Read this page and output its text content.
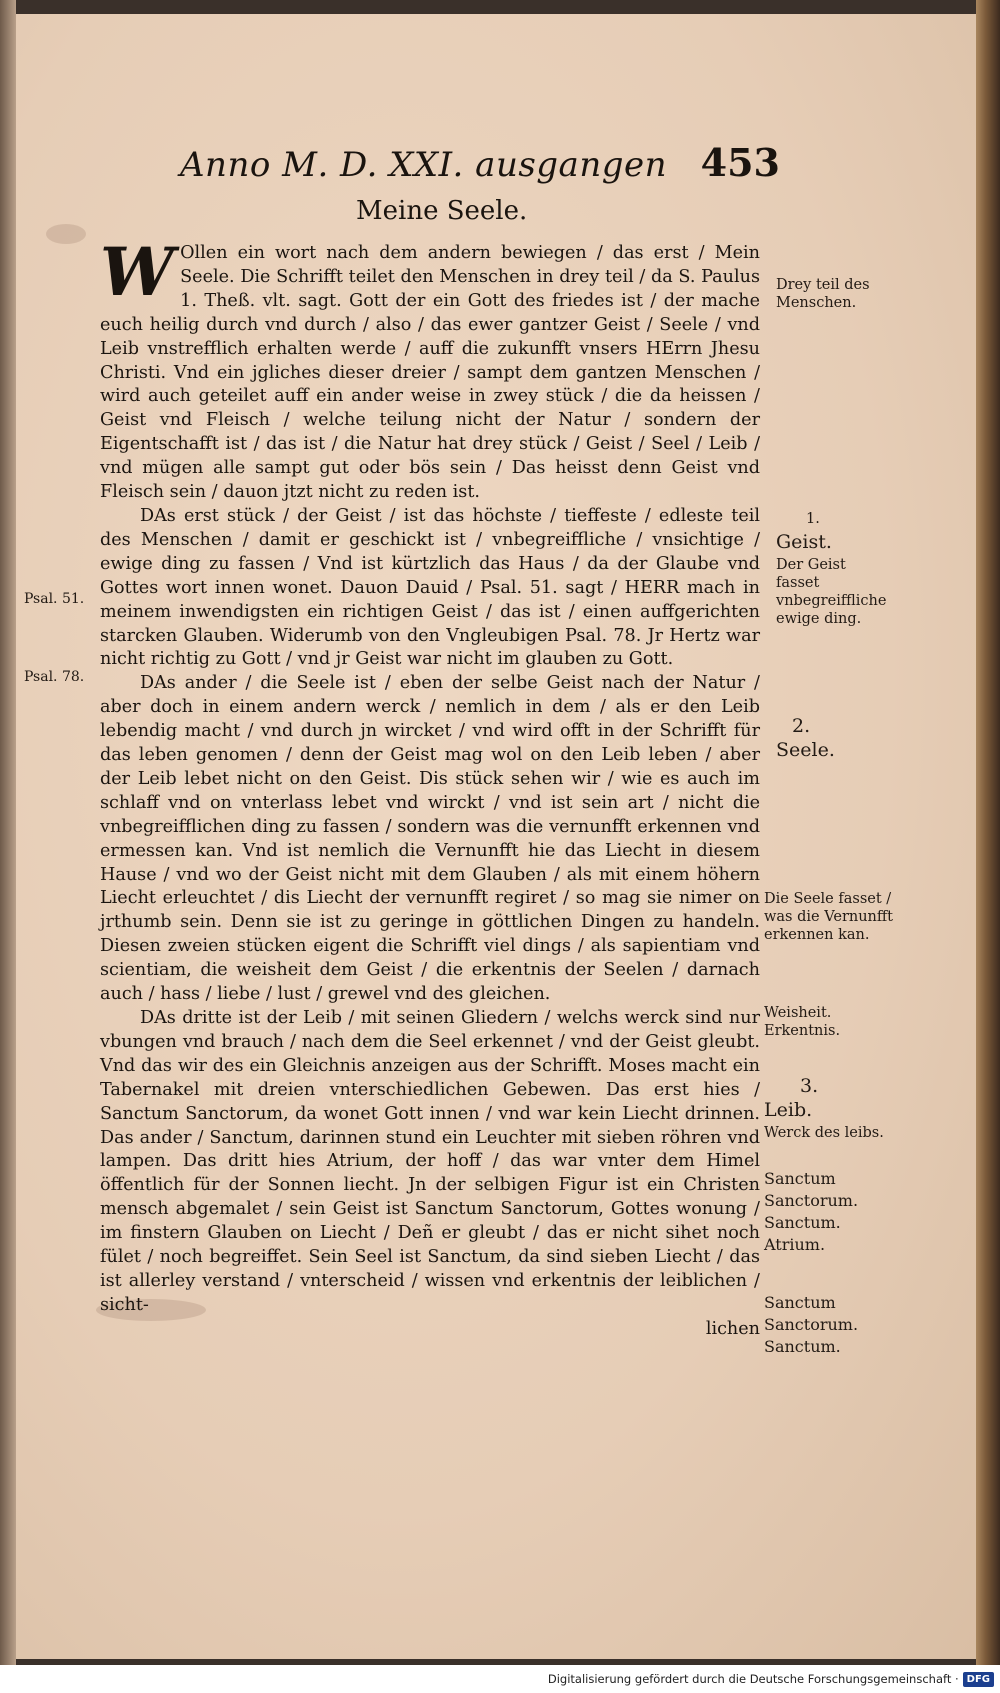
Anno M. D. XXI. ausgangen 453
Meine Seele.

W Ollen ein wort nach dem andern bewiegen / das erst / Mein Seele. Die Schrifft teilet den Menschen in drey teil / da S. Paulus 1. Theß. vlt. sagt. Gott der ein Gott des friedes ist / der mache euch heilig durch vnd durch / also / das ewer gantzer Geist / Seele / vnd Leib vnstrefflich erhalten werde / auff die zukunfft vnsers HErrn Jhesu Christi. Vnd ein jgliches dieser dreier / sampt dem gantzen Menschen / wird auch geteilet auff ein ander weise in zwey stück / die da heissen / Geist vnd Fleisch / welche teilung nicht der Natur / sondern der Eigentschafft ist / das ist / die Natur hat drey stück / Geist / Seel / Leib / vnd mügen alle sampt gut oder bös sein / Das heisst denn Geist vnd Fleisch sein / dauon jtzt nicht zu reden ist.

DAs erst stück / der Geist / ist das höchste / tieffeste / edleste teil des Menschen / damit er geschickt ist / vnbegreiffliche / vnsichtige / ewige ding zu fassen / Vnd ist kürtzlich das Haus / da der Glaube vnd Gottes wort innen wonet. Dauon Dauid / Psal. 51. sagt / HERR mach in meinem inwendigsten ein richtigen Geist / das ist / einen auffgerichten starcken Glauben. Widerumb von den Vngleubigen Psal. 78. Jr Hertz war nicht richtig zu Gott / vnd jr Geist war nicht im glauben zu Gott.

DAs ander / die Seele ist / eben der selbe Geist nach der Natur / aber doch in einem andern werck / nemlich in dem / als er den Leib lebendig macht / vnd durch jn wircket / vnd wird offt in der Schrifft für das leben genomen / denn der Geist mag wol on den Leib leben / aber der Leib lebet nicht on den Geist. Dis stück sehen wir / wie es auch im schlaff vnd on vnterlass lebet vnd wirckt / vnd ist sein art / nicht die vnbegreifflichen ding zu fassen / sondern was die vernunfft erkennen vnd ermessen kan. Vnd ist nemlich die Vernunfft hie das Liecht in diesem Hause / vnd wo der Geist nicht mit dem Glauben / als mit einem höhern Liecht erleuchtet / dis Liecht der vernunfft regiret / so mag sie nimer on jrthumb sein. Denn sie ist zu geringe in göttlichen Dingen zu handeln. Diesen zweien stücken eigent die Schrifft viel dings / als sapientiam vnd scientiam, die weisheit dem Geist / die erkentnis der Seelen / darnach auch / hass / liebe / lust / grewel vnd des gleichen.

DAs dritte ist der Leib / mit seinen Gliedern / welchs werck sind nur vbungen vnd brauch / nach dem die Seel erkennet / vnd der Geist gleubt. Vnd das wir des ein Gleichnis anzeigen aus der Schrifft. Moses macht ein Tabernakel mit dreien vnterschiedlichen Gebewen. Das erst hies / Sanctum Sanctorum, da wonet Gott innen / vnd war kein Liecht drinnen. Das ander / Sanctum, darinnen stund ein Leuchter mit sieben röhren vnd lampen. Das dritt hies Atrium, der hoff / das war vnter dem Himel öffentlich für der Sonnen liecht. Jn der selbigen Figur ist ein Christen mensch abgemalet / sein Geist ist Sanctum Sanctorum, Gottes wonung / im finstern Glauben on Liecht / Deñ er gleubt / das er nicht sihet noch fület / noch begreiffet. Sein Seel ist Sanctum, da sind sieben Liecht / das ist allerley verstand / vnterscheid / wissen vnd erkentnis der leiblichen / sicht-

lichen

Drey teil des Menschen.
1.
Geist.
Der Geist fasset vnbegreiffliche ewige ding.
2.
Seele.
Die Seele fasset / was die Vernunfft erkennen kan.
Weisheit. Erkentnis.
3.
Leib.
Werck des leibs.
Sanctum Sanctorum. Sanctum. Atrium.
Sanctum Sanctorum. Sanctum.
Psal. 51.
Psal. 78.
Digitalisierung gefördert durch die Deutsche Forschungsgemeinschaft · DFG
